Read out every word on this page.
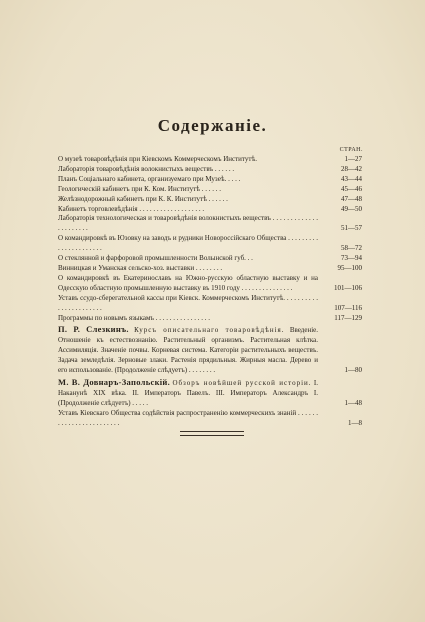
Содержаніе.
СТРАН.

О музеѣ товаровѣдѣнія при Кіевскомъ Коммерческомъ Институтѣ.	1—27

Лабораторія товаровѣдѣнія волокнистыхъ веществъ . . . . . .	28—42

Планъ Соціальнаго кабинета, организуемаго при Музеѣ. . . . .	43—44

Геологическій кабинетъ при К. Ком. Институтѣ . . . . . .	45—46

Желѣзнодорожный кабинетъ при К. К. Институтѣ . . . . . .	47—48

Кабинетъ торговлевѣдѣнія . . . . . . . . . . . . . . . . . . .	49—50

Лабораторія технологическая и товаровѣдѣнія волокнистыхъ веществъ . . . . . . . . . . . . . . . . . . . . . .	51—57

О командировкѣ въ Юзовку на заводъ и рудники Новороссійскаго Общества . . . . . . . . . . . . . . . . . . . . . .	58—72

О стеклянной и фарфоровой промышленности Волынской губ. . .	73—94

Винницкая и Уманская сельско-хоз. выставки . . . . . . . .	95—100

О командировкѣ въ Екатеринославъ на Южно-русскую областную выставку и на Одесскую областную промышленную выставку въ 1910 году . . . . . . . . . . . . . . .	101—106

Уставъ ссудо-сберегательной кассы при Кіевск. Коммерческомъ Институтѣ. . . . . . . . . . . . . . . . . . . . . . .	107—116

Программы по новымъ языкамъ . . . . . . . . . . . . . . . .	117—129

П. Р. Слезкинъ. Курсъ описательнаго товаровѣдѣнія. Введеніе. Отношеніе къ естествознанію. Растительный организмъ. Растительная клѣтка. Ассимиляція. Значеніе почвы. Корневая система. Категоріи растительныхъ веществъ. Задача земледѣлія. Зерновые злаки. Растенія прядильныя. Жирныя масла. Дерево и его использованіе. (Продолженіе слѣдуетъ) . . . . . . . .	1—80

М. В. Довнаръ-Запольскій. Обзоръ новѣйшей русской исторіи. I. Наканунѣ XIX вѣка. II. Императоръ Павелъ. III. Императоръ Александръ I. (Продолженіе слѣдуетъ) . . . . .	1—48

Уставъ Кіевскаго Общества содѣйствія распространенію коммерческихъ знаній . . . . . . . . . . . . . . . . . . . . . . . .	1—8
